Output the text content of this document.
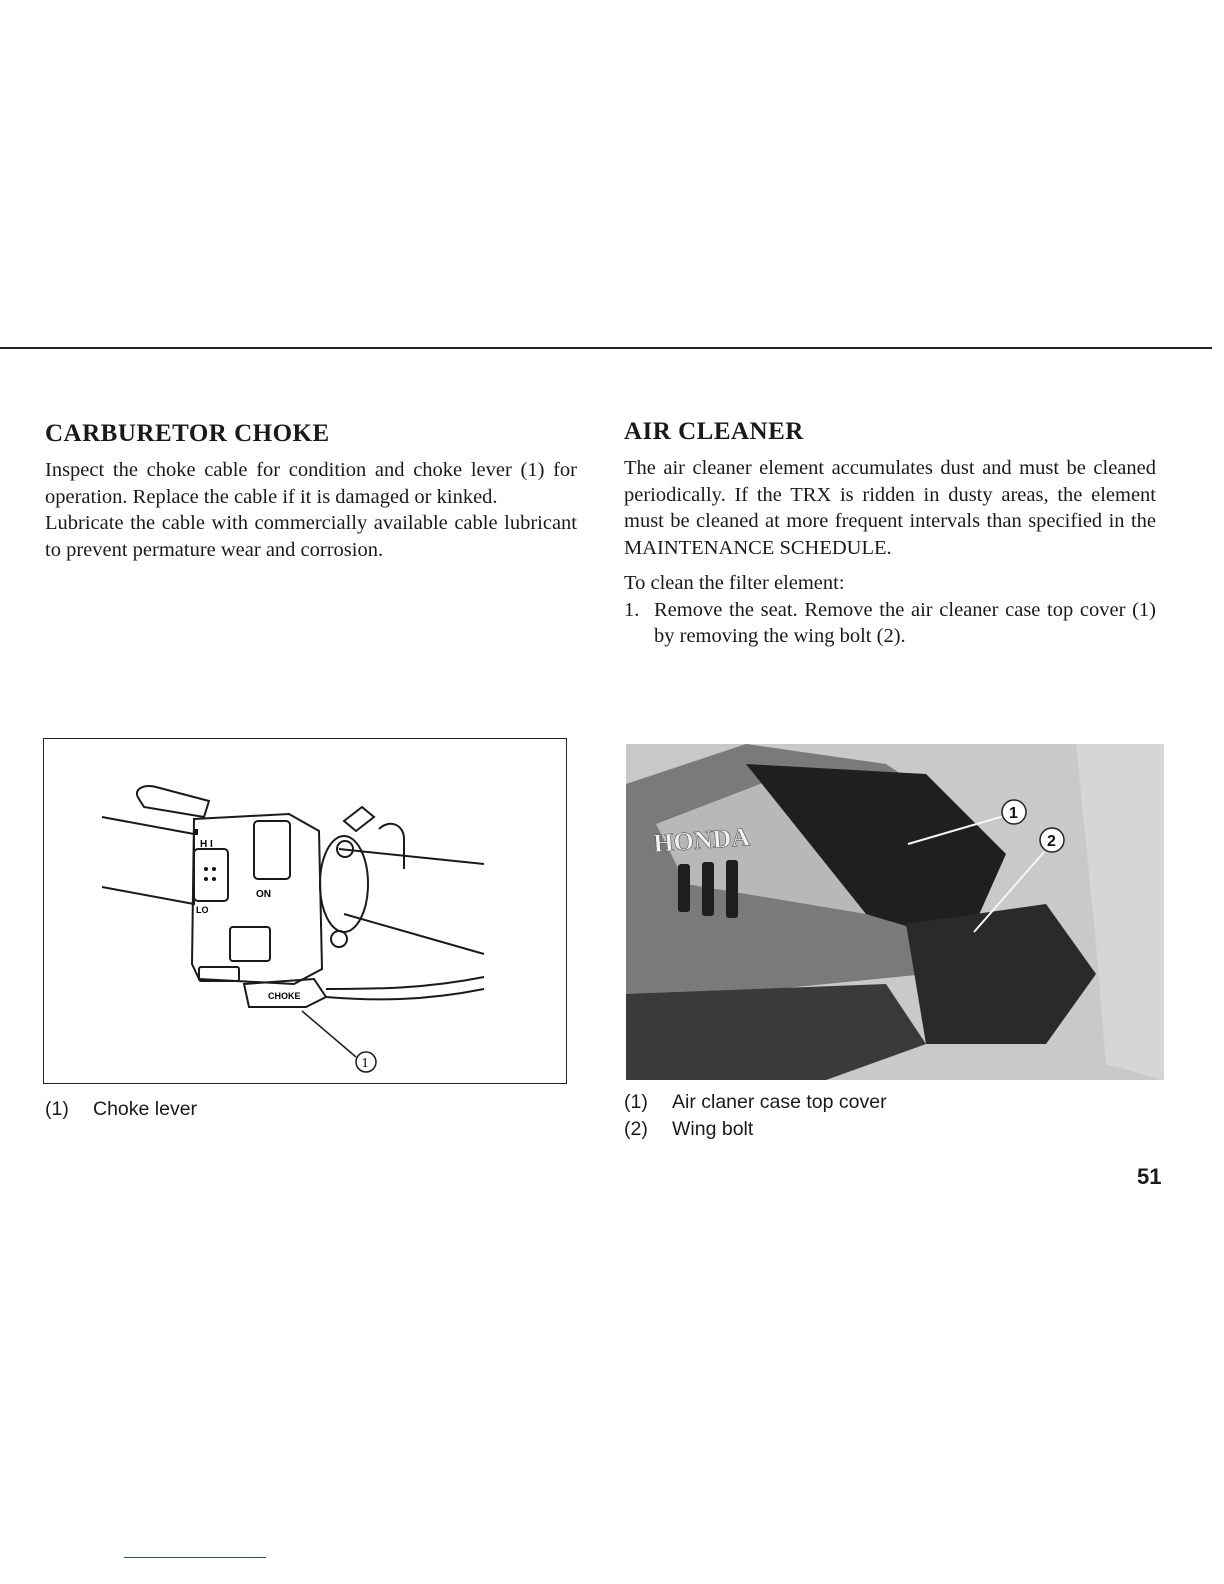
CARBURETOR CHOKE

Inspect the choke cable for condition and choke lever (1) for operation. Replace the cable if it is damaged or kinked.

Lubricate the cable with commercially available cable lubricant to prevent permature wear and corrosion.

AIR CLEANER

The air cleaner element accumulates dust and must be cleaned periodically. If the TRX is ridden in dusty areas, the element must be cleaned at more frequent intervals than specified in the MAINTENANCE SCHEDULE.

To clean the filter element:

1. Remove the seat. Remove the air cleaner case top cover (1) by removing the wing bolt (2).
H I
LO
ON
CHOKE
1
HONDA
1
2
(1)	Choke lever	(1)	Air claner case top cover
(2)	Wing bolt
51
